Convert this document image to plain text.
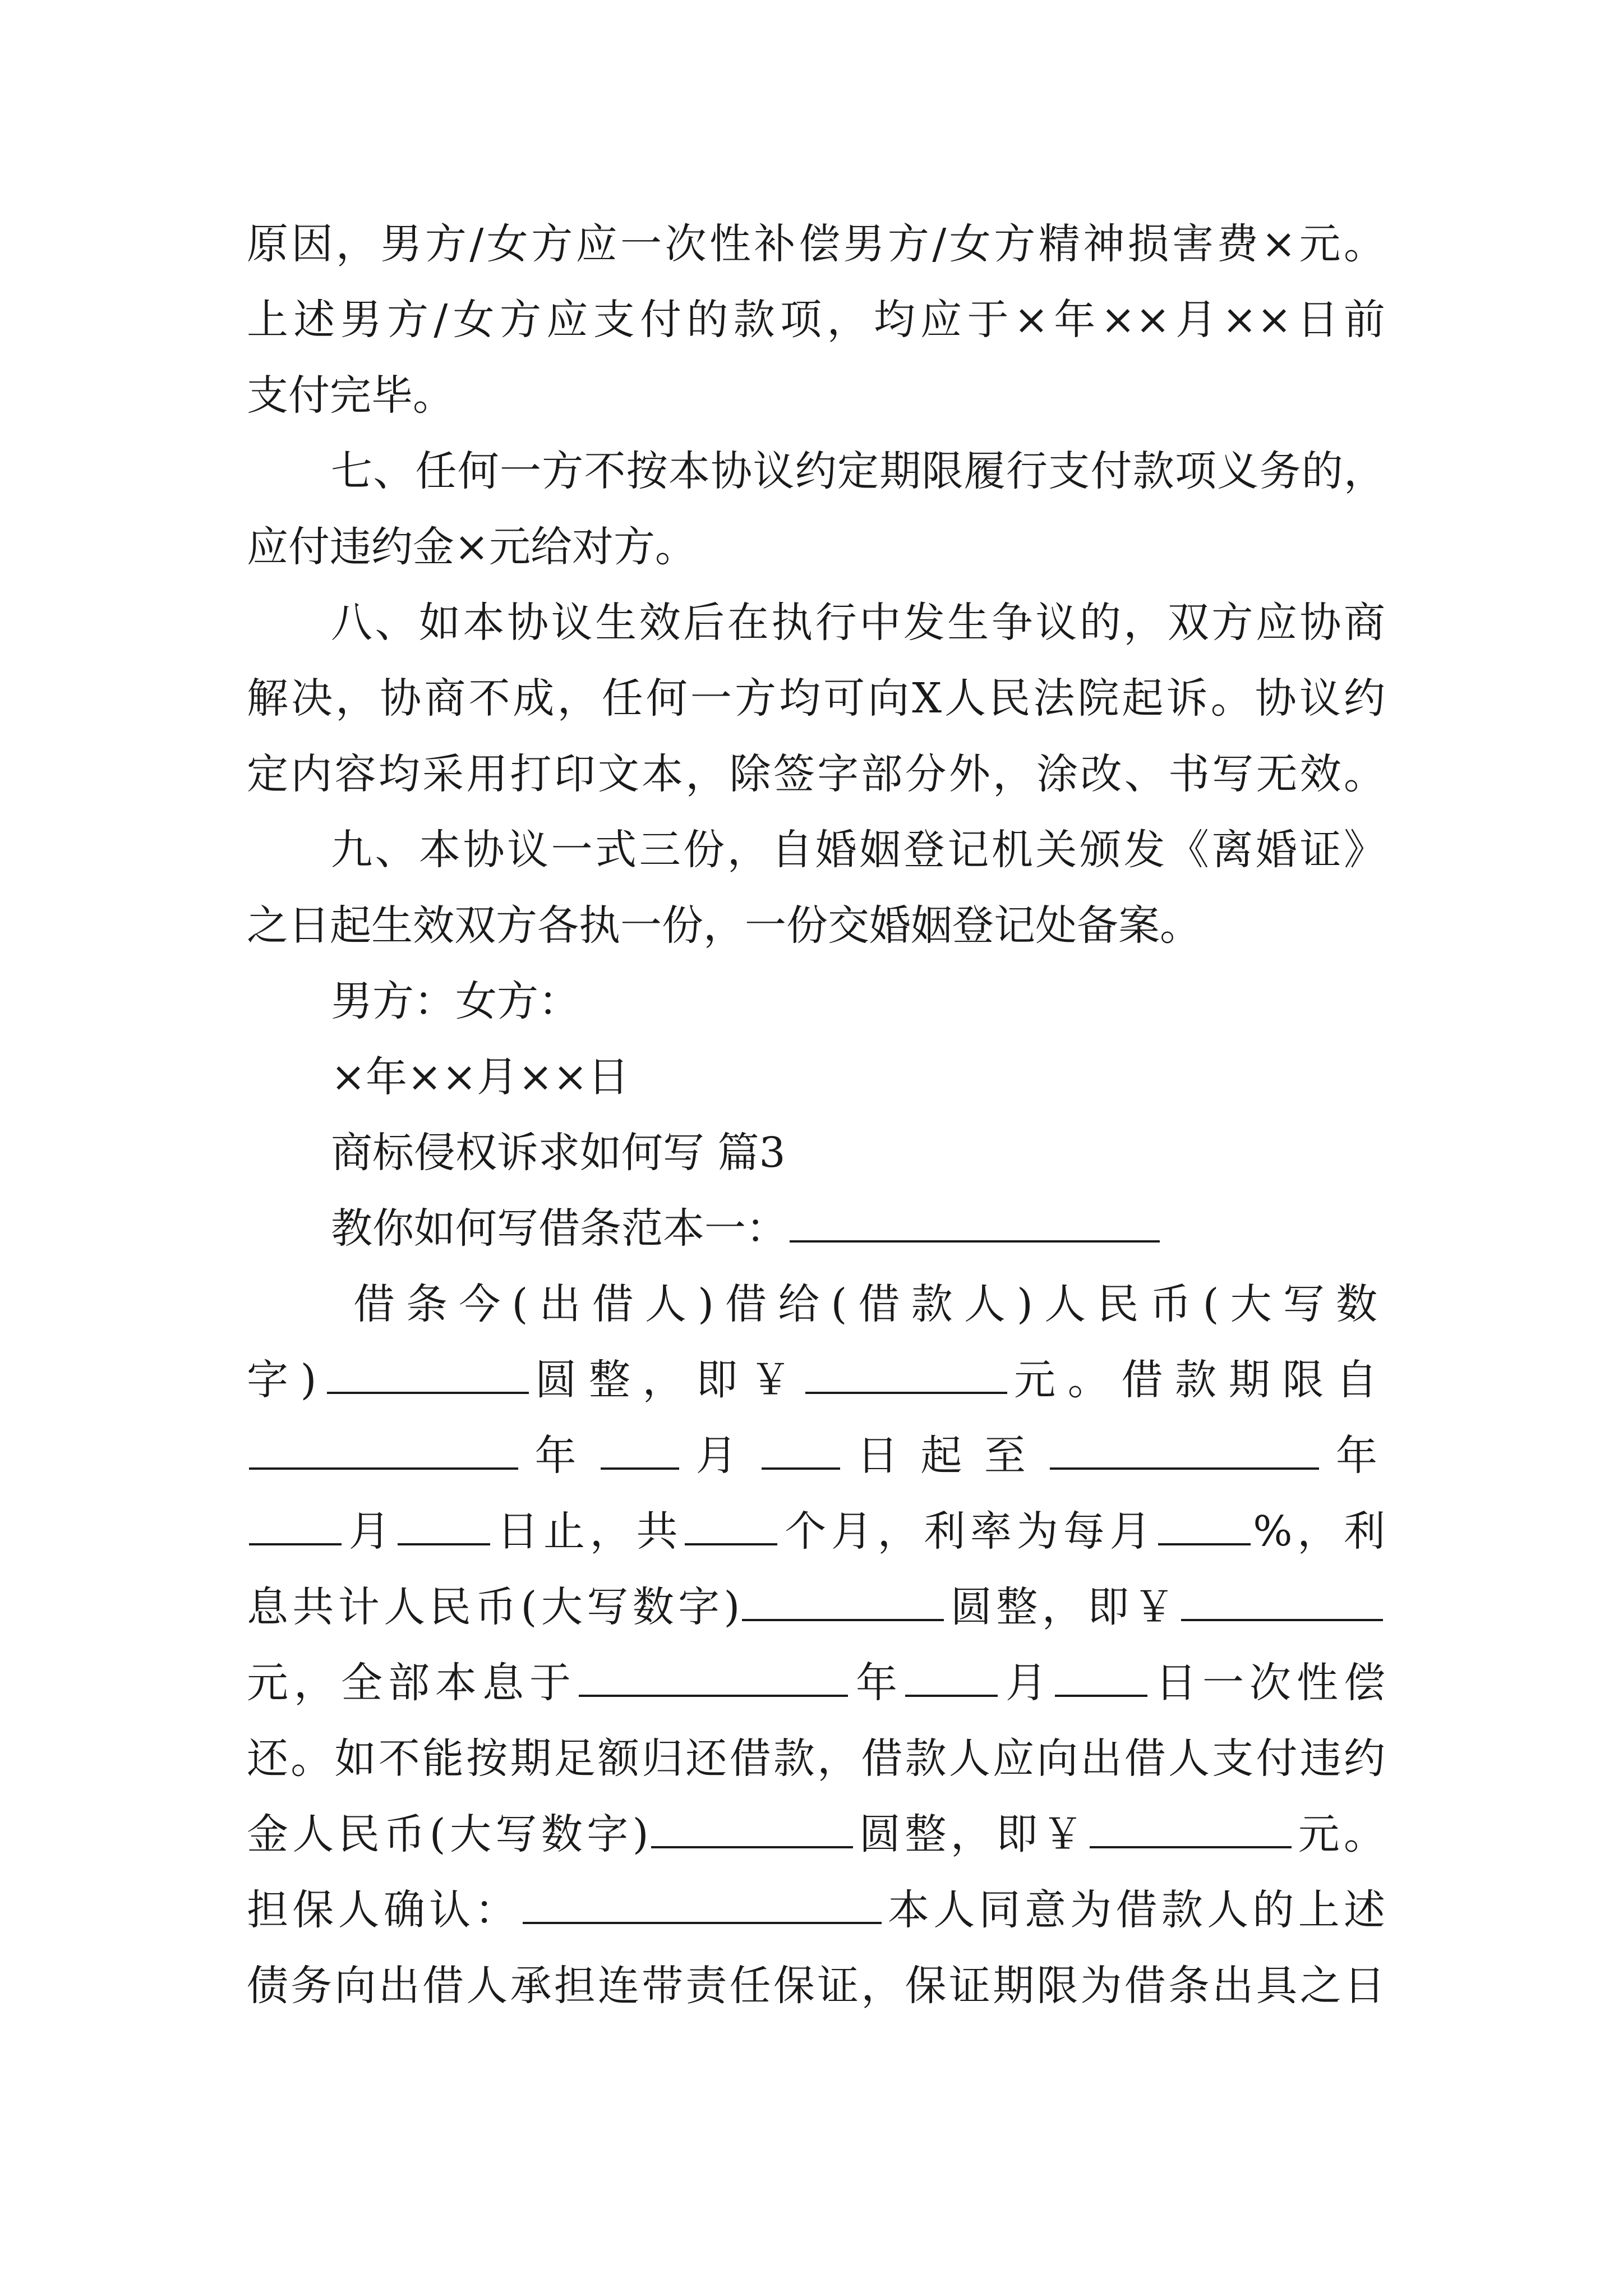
原因，男方/女方应一次性补偿男方/女方精神损害费×元。
上述男方/女方应支付的款项，均应于×年××月××日前
支付完毕。
七、任何一方不按本协议约定期限履行支付款项义务的，
应付违约金×元给对方。
八、如本协议生效后在执行中发生争议的，双方应协商
解决，协商不成，任何一方均可向X人民法院起诉。协议约
定内容均采用打印文本，除签字部分外，涂改、书写无效。
九、本协议一式三份，自婚姻登记机关颁发《离婚证》
之日起生效双方各执一份，一份交婚姻登记处备案。
男方：女方：
×年××月××日
商标侵权诉求如何写 篇3
教你如何写借条范本一：
借条今(出借人)借给(借款人)人民币(大写数
字)	圆整，即￥	元。借款期限自
年 月 日起至	年
月 日止，共 个月，利率为每月 %，利
息共计人民币(大写数字)	圆整，即￥
元，全部本息于	年 月 日一次性偿
还。如不能按期足额归还借款，借款人应向出借人支付违约
金人民币(大写数字)	圆整，即￥	元。
担保人确认：	本人同意为借款人的上述
债务向出借人承担连带责任保证，保证期限为借条出具之日
